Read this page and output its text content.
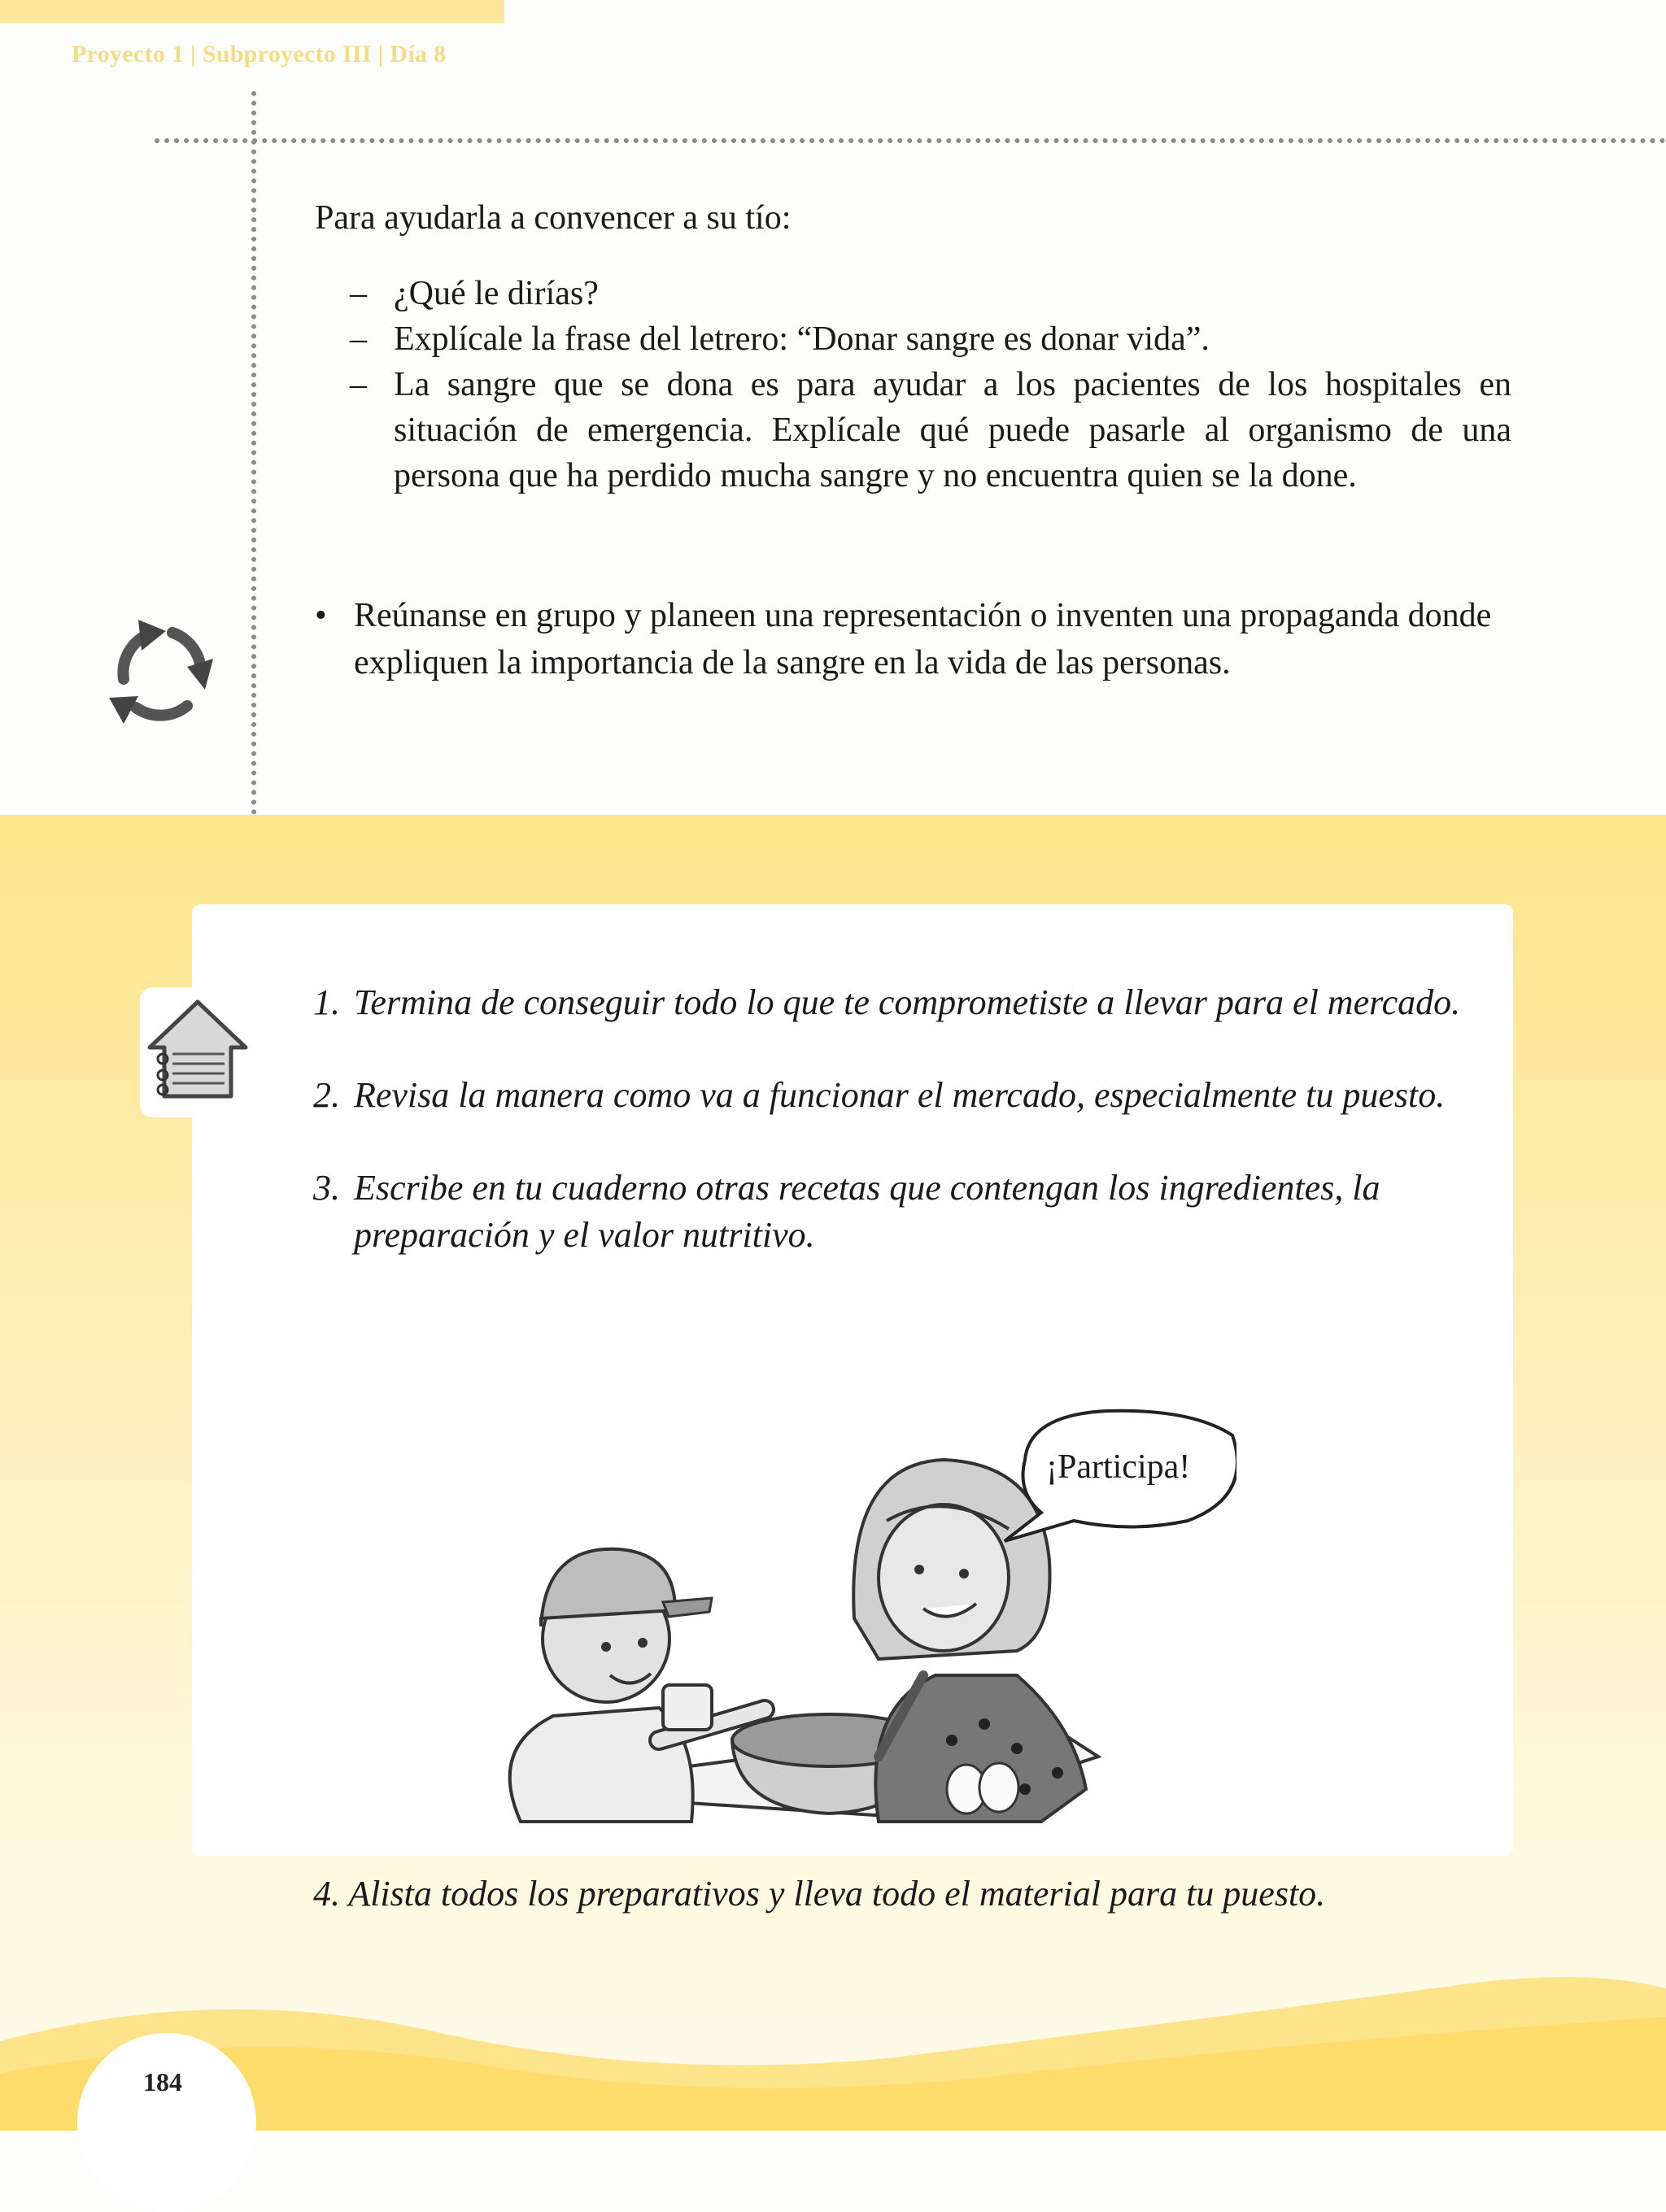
Proyecto 1 | Subproyecto III | Día 8

Para ayudarla a convencer a su tío:

– ¿Qué le dirías?
– Explícale la frase del letrero: “Donar sangre es donar vida”.
– La sangre que se dona es para ayudar a los pacientes de los hospitales en situación de emergencia. Explícale qué puede pasarle al organismo de una persona que ha perdido mucha sangre y no encuentra quien se la done.

• Reúnanse en grupo y planeen una representación o inventen una propaganda donde expliquen la importancia de la sangre en la vida de las personas.

1. Termina de conseguir todo lo que te comprometiste a llevar para el mercado.
2. Revisa la manera como va a funcionar el mercado, especialmente tu puesto.
3. Escribe en tu cuaderno otras recetas que contengan los ingredientes, la preparación y el valor nutritivo.
¡Participa!
4. Alista todos los preparativos y lleva todo el material para tu puesto.
184
